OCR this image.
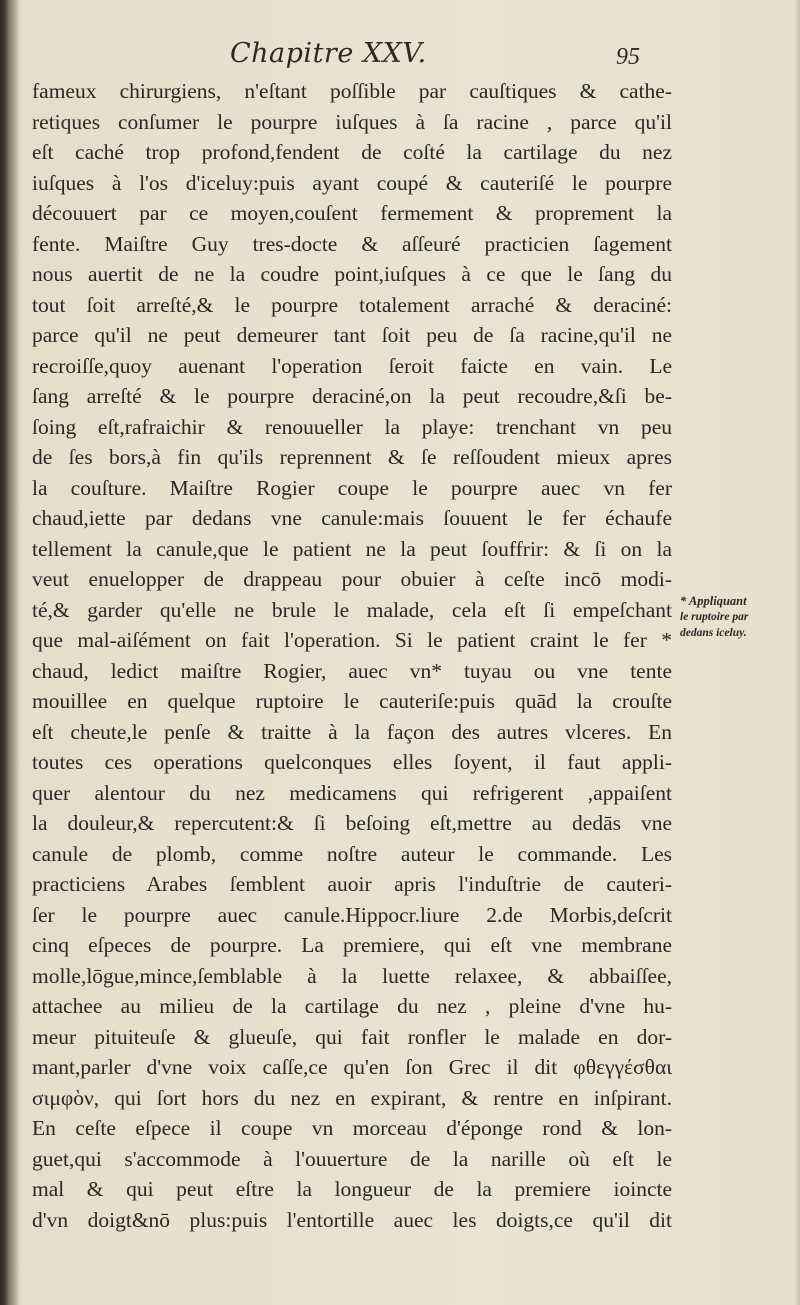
Chapitre XXV.	95
fameux chirurgiens, n'eſtant poſſible par cauſtiques & cathe-
retiques conſumer le pourpre iuſques à ſa racine , parce qu'il
eſt caché trop profond,fendent de coſté la cartilage du nez
iuſques à l'os d'iceluy:puis ayant coupé & cauteriſé le pourpre
découuert par ce moyen,couſent fermement & proprement la
fente. Maiſtre Guy tres-docte & aſſeuré practicien ſagement
nous auertit de ne la coudre point,iuſques à ce que le ſang du
tout ſoit arreſté,& le pourpre totalement arraché & deraciné:
parce qu'il ne peut demeurer tant ſoit peu de ſa racine,qu'il ne
recroiſſe,quoy auenant l'operation ſeroit faicte en vain. Le
ſang arreſté & le pourpre deraciné,on la peut recoudre,&ſi be-
ſoing eſt,rafraichir & renouueller la playe: trenchant vn peu
de ſes bors,à fin qu'ils reprennent & ſe reſſoudent mieux apres
la couſture. Maiſtre Rogier coupe le pourpre auec vn fer
chaud,iette par dedans vne canule:mais ſouuent le fer échaufe
tellement la canule,que le patient ne la peut ſouffrir: & ſi on la
veut enuelopper de drappeau pour obuier à ceſte incō modi-
té,& garder qu'elle ne brule le malade, cela eſt ſi empeſchant
que mal-aiſément on fait l'operation. Si le patient craint le fer *
chaud, ledict maiſtre Rogier, auec vn* tuyau ou vne tente
mouillee en quelque ruptoire le cauteriſe:puis quād la crouſte
eſt cheute,le penſe & traitte à la façon des autres vlceres. En
toutes ces operations quelconques elles ſoyent, il faut appli-
quer alentour du nez medicamens qui refrigerent ,appaiſent
la douleur,& repercutent:& ſi beſoing eſt,mettre au dedās vne
canule de plomb, comme noſtre auteur le commande. Les
practiciens Arabes ſemblent auoir apris l'induſtrie de cauteri-
ſer le pourpre auec canule.Hippocr.liure 2.de Morbis,deſcrit
cinq eſpeces de pourpre. La premiere, qui eſt vne membrane
molle,lōgue,mince,ſemblable à la luette relaxee, & abbaiſſee,
attachee au milieu de la cartilage du nez , pleine d'vne hu-
meur pituiteuſe & glueuſe, qui fait ronfler le malade en dor-
mant,parler d'vne voix caſſe,ce qu'en ſon Grec il dit φθεγγέσθαι
σιμφὸν, qui ſort hors du nez en expirant, & rentre en inſpirant.
En ceſte eſpece il coupe vn morceau d'éponge rond & lon-
guet,qui s'accommode à l'ouuerture de la narille où eſt le
mal & qui peut eſtre la longueur de la premiere ioincte
d'vn doigt&nō plus:puis l'entortille auec les doigts,ce qu'il dit
* Appliquant
le ruptoire par
dedans iceluy.
